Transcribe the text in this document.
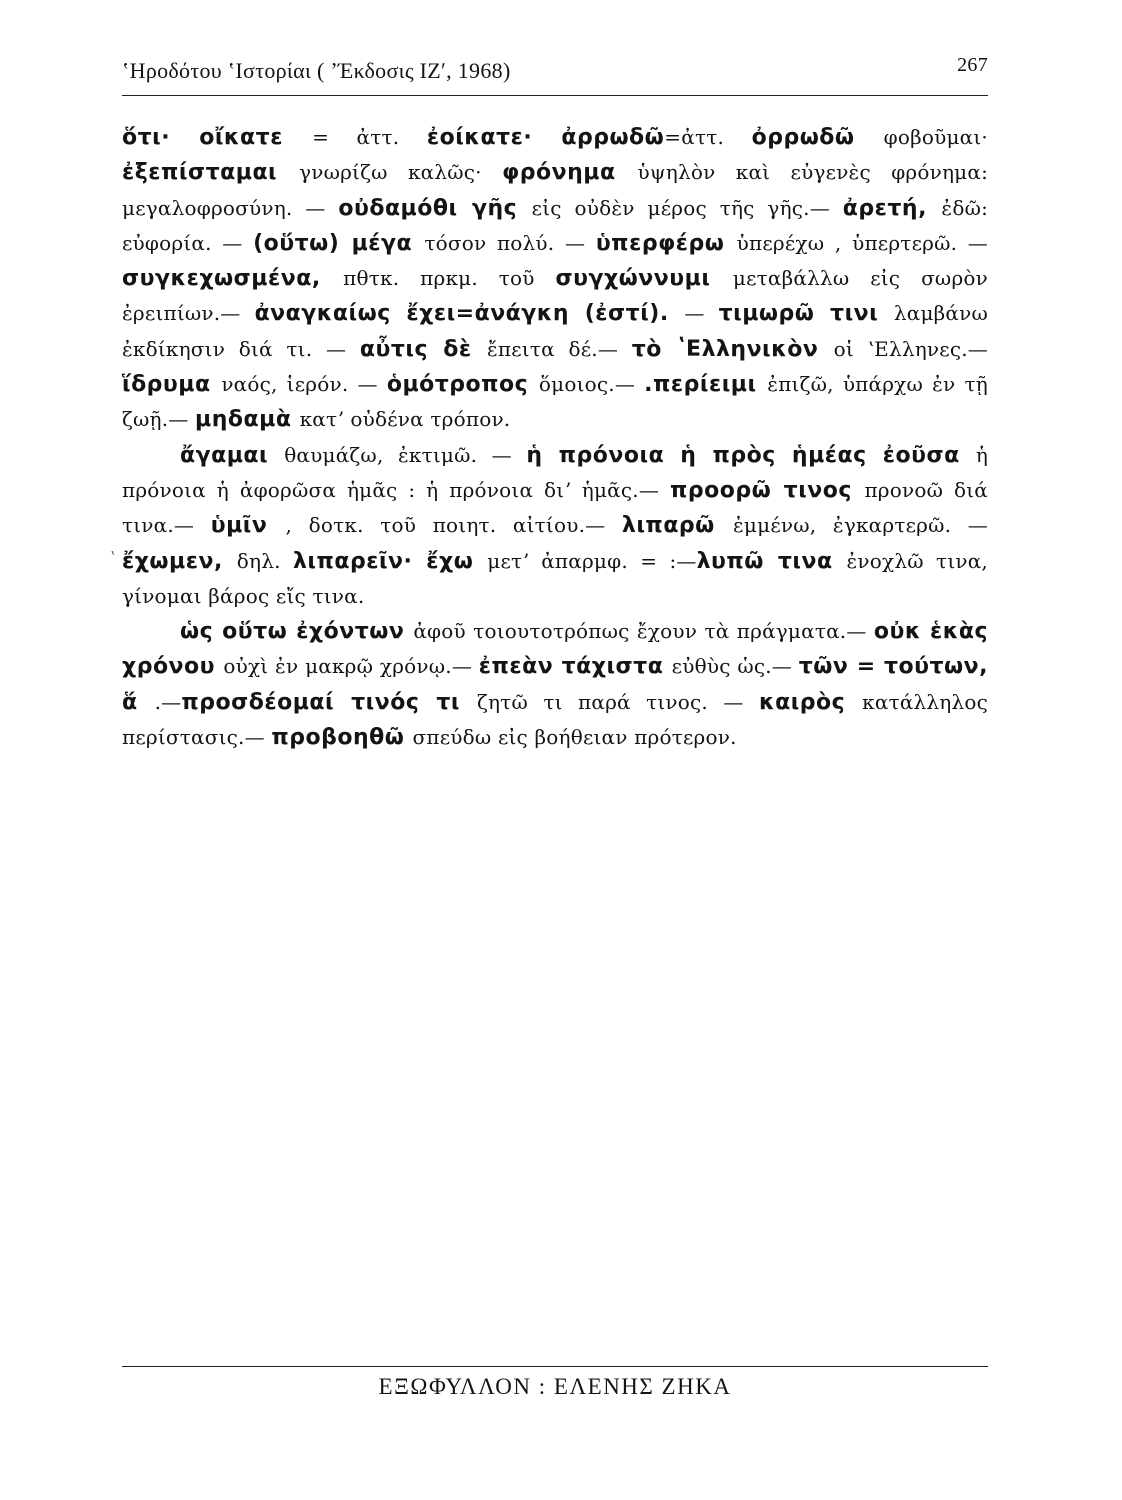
ʽΗροδότου ʽΙστορίαι ( ʼΈκδοσις ΙΖʹ, 1968)	267
ʽ

ὅτι· οἴκατε = ἀττ. ἐοίκατε· ἀρρωδῶ=ἀττ. ὀρρωδῶ φοβοῦμαι· ἐξεπίσταμαι γνωρίζω καλῶς· φρόνημα ὑψηλὸν καὶ εὐγενὲς φρόνημα: μεγαλοφροσύνη. — οὐδαμόθι γῆς εἰς οὐδὲν μέρος τῆς γῆς.— ἀρετή, ἐδῶ: εὐφορία. — (οὕτω) μέγα τόσον πολύ. — ὑπερφέρω ὑπερέχω , ὑπερτερῶ. — συγκεχωσμένα, πθτκ. πρκμ. τοῦ συγχώννυμι μεταβάλλω εἰς σωρὸν ἐρειπίων.— ἀναγκαίως ἔχει=ἀνάγκη (ἐστί). — τιμωρῶ τινι λαμβάνω ἐκδίκησιν διά τι. — αὖτις δὲ ἔπειτα δέ.— τὸ ʽΕλληνικὸν οἱ ʽΕλληνες.— ἵδρυμα ναός, ἱερόν. — ὁμότροπος ὅμοιος.— .περίειμι ἐπιζῶ, ὑπάρχω ἐν τῇ ζωῇ.— μηδαμὰ κατʼ οὐδένα τρόπον.

ἄγαμαι θαυμάζω, ἐκτιμῶ. — ἡ πρόνοια ἡ πρὸς ἡμέας ἐοῦσα ἡ πρόνοια ἡ ἀφορῶσα ἡμᾶς : ἡ πρόνοια διʼ ἡμᾶς.— προορῶ τινος προνοῶ διά τινα.— ὑμῖν , δοτκ. τοῦ ποιητ. αἰτίου.— λιπαρῶ ἐμμένω, ἐγκαρτερῶ. — ἔχωμεν, δηλ. λιπαρεῖν· ἔχω μετʼ ἀπαρμφ. = :—λυπῶ τινα ἐνοχλῶ τινα, γίνομαι βάρος εἴς τινα.

ὡς οὕτω ἐχόντων ἀφοῦ τοιουτοτρόπως ἔχουν τὰ πράγματα.— οὐκ ἑκὰς χρόνου οὐχὶ ἐν μακρῷ χρόνῳ.— ἐπεὰν τάχιστα εὐθὺς ὡς.— τῶν = τούτων, ἅ .—προσδέομαί τινός τι ζητῶ τι παρά τινος. — καιρὸς κατάλληλος περίστασις.— προβοηθῶ σπεύδω εἰς βοήθειαν πρότερον.

ΕΞΩΦΥΛΛΟΝ : ΕΛΕΝΗΣ ΖΗΚΑ
